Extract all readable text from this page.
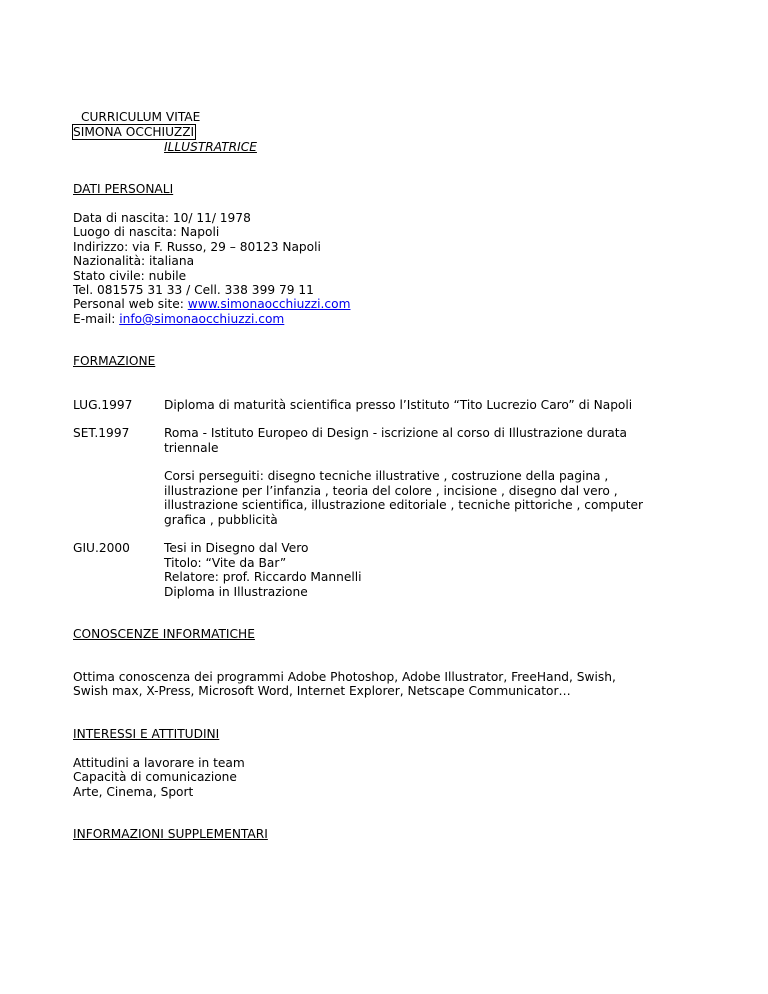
CURRICULUM VITAE
SIMONA OCCHIUZZI
ILLUSTRATRICE
DATI PERSONALI
Data di nascita: 10/ 11/ 1978
Luogo di nascita: Napoli
Indirizzo: via F. Russo, 29 – 80123 Napoli
Nazionalità: italiana
Stato civile: nubile
Tel. 081575 31 33 / Cell. 338 399 79 11
Personal web site: www.simonaocchiuzzi.com
E-mail: info@simonaocchiuzzi.com
FORMAZIONE
LUG.1997	Diploma di maturità scientifica presso l’Istituto “Tito Lucrezio Caro” di Napoli
SET.1997	Roma - Istituto Europeo di Design - iscrizione al corso di Illustrazione durata
triennale
Corsi perseguiti: disegno tecniche illustrative , costruzione della pagina ,
illustrazione per l’infanzia , teoria del colore , incisione , disegno dal vero ,
illustrazione scientifica, illustrazione editoriale , tecniche pittoriche , computer
grafica , pubblicità
GIU.2000	Tesi in Disegno dal Vero
Titolo: “Vite da Bar”
Relatore: prof. Riccardo Mannelli
Diploma in Illustrazione
CONOSCENZE INFORMATICHE
Ottima conoscenza dei programmi Adobe Photoshop, Adobe Illustrator, FreeHand, Swish,
Swish max, X-Press, Microsoft Word, Internet Explorer, Netscape Communicator…
INTERESSI E ATTITUDINI
Attitudini a lavorare in team
Capacità di comunicazione
Arte, Cinema, Sport
INFORMAZIONI SUPPLEMENTARI
